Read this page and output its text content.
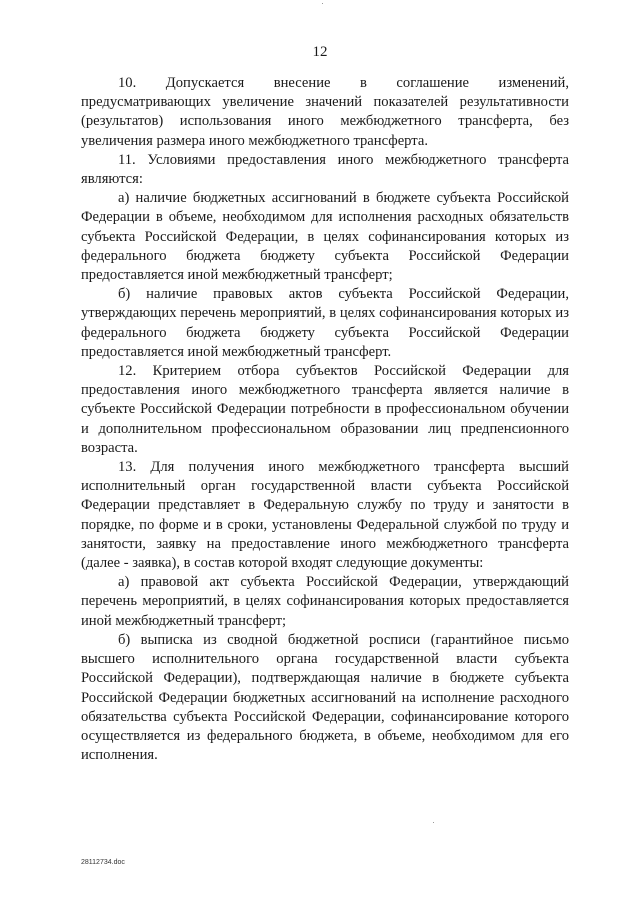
12

10. Допускается внесение в соглашение изменений, предусматривающих увеличение значений показателей результативности (результатов) использования иного межбюджетного трансферта, без увеличения размера иного межбюджетного трансферта.

11. Условиями предоставления иного межбюджетного трансферта являются:

а) наличие бюджетных ассигнований в бюджете субъекта Российской Федерации в объеме, необходимом для исполнения расходных обязательств субъекта Российской Федерации, в целях софинансирования которых из федерального бюджета бюджету субъекта Российской Федерации предоставляется иной межбюджетный трансферт;

б) наличие правовых актов субъекта Российской Федерации, утверждающих перечень мероприятий, в целях софинансирования которых из федерального бюджета бюджету субъекта Российской Федерации предоставляется иной межбюджетный трансферт.

12. Критерием отбора субъектов Российской Федерации для предоставления иного межбюджетного трансферта является наличие в субъекте Российской Федерации потребности в профессиональном обучении и дополнительном профессиональном образовании лиц предпенсионного возраста.

13. Для получения иного межбюджетного трансферта высший исполнительный орган государственной власти субъекта Российской Федерации представляет в Федеральную службу по труду и занятости в порядке, по форме и в сроки, установлены Федеральной службой по труду и занятости, заявку на предоставление иного межбюджетного трансферта (далее - заявка), в состав которой входят следующие документы:

а) правовой акт субъекта Российской Федерации, утверждающий перечень мероприятий, в целях софинансирования которых предоставляется иной межбюджетный трансферт;

б) выписка из сводной бюджетной росписи (гарантийное письмо высшего исполнительного органа государственной власти субъекта Российской Федерации), подтверждающая наличие в бюджете субъекта Российской Федерации бюджетных ассигнований на исполнение расходного обязательства субъекта Российской Федерации, софинансирование которого осуществляется из федерального бюджета, в объеме, необходимом для его исполнения.

28112734.doc
